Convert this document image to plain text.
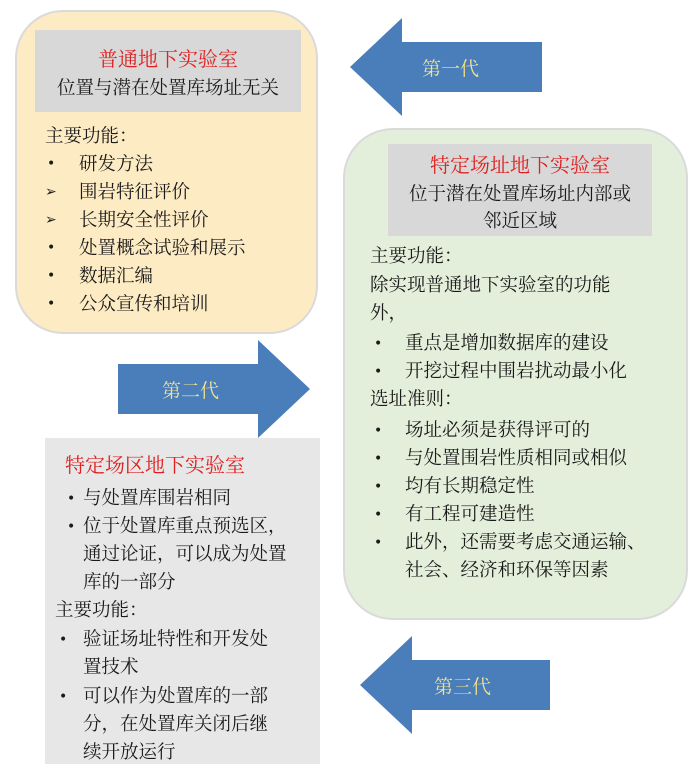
第一代
第二代
第三代
普通地下实验室
位置与潜在处置库场址无关
主要功能：
• 研发方法
➢ 围岩特征评价
➢ 长期安全性评价
• 处置概念试验和展示
• 数据汇编
• 公众宣传和培训
特定场址地下实验室
位于潜在处置库场址内部或
邻近区域
主要功能：
除实现普通地下实验室的功能
外，
• 重点是增加数据库的建设
• 开挖过程中围岩扰动最小化
选址准则：
• 场址必须是获得评可的
• 与处置围岩性质相同或相似
• 均有长期稳定性
• 有工程可建造性
• 此外，还需要考虑交通运输、
社会、经济和环保等因素
特定场区地下实验室
• 与处置库围岩相同
• 位于处置库重点预选区，
通过论证，可以成为处置
库的一部分
主要功能：
• 验证场址特性和开发处
置技术
• 可以作为处置库的一部
分，在处置库关闭后继
续开放运行
